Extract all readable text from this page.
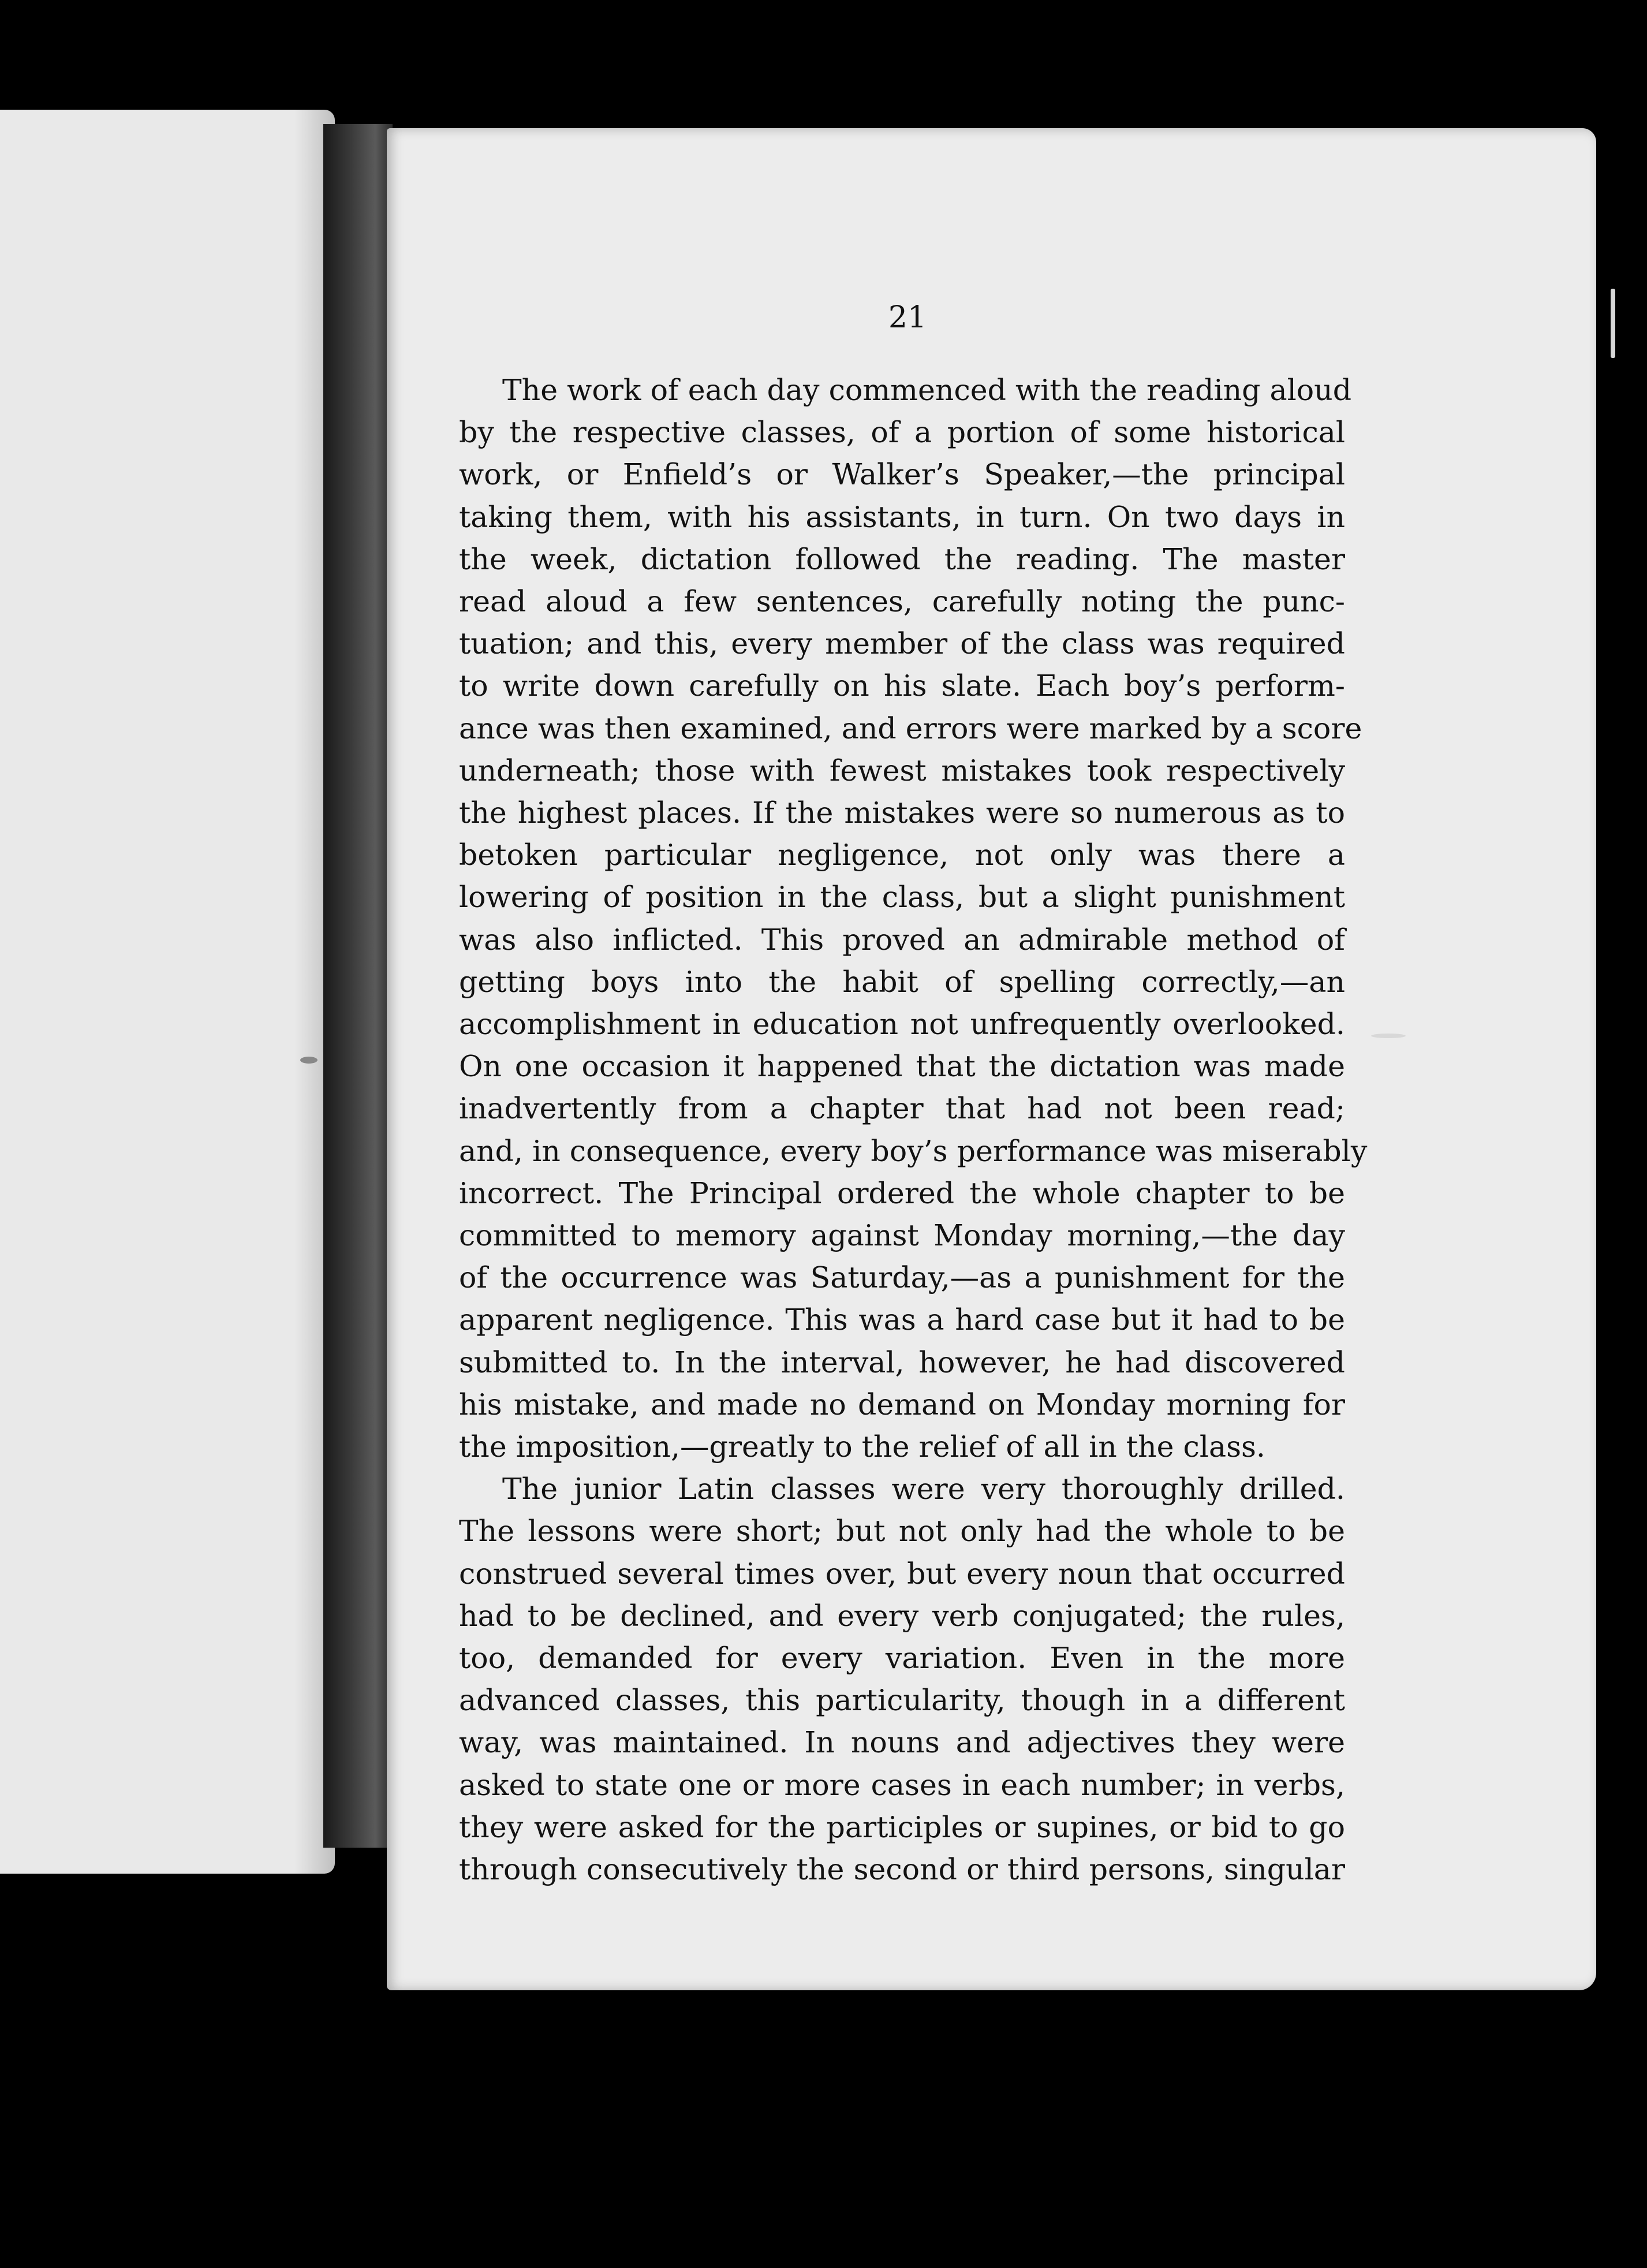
21
The work of each day commenced with the reading aloud
by the respective classes, of a portion of some historical
work, or Enfield’s or Walker’s Speaker,—the principal
taking them, with his assistants, in turn. On two days in
the week, dictation followed the reading. The master
read aloud a few sentences, carefully noting the punc-
tuation; and this, every member of the class was required
to write down carefully on his slate. Each boy’s perform-
ance was then examined, and errors were marked by a score
underneath; those with fewest mistakes took respectively
the highest places. If the mistakes were so numerous as to
betoken particular negligence, not only was there a
lowering of position in the class, but a slight punishment
was also inflicted. This proved an admirable method of
getting boys into the habit of spelling correctly,—an
accomplishment in education not unfrequently overlooked.
On one occasion it happened that the dictation was made
inadvertently from a chapter that had not been read;
and, in consequence, every boy’s performance was miserably
incorrect. The Principal ordered the whole chapter to be
committed to memory against Monday morning,—the day
of the occurrence was Saturday,—as a punishment for the
apparent negligence. This was a hard case but it had to be
submitted to. In the interval, however, he had discovered
his mistake, and made no demand on Monday morning for
the imposition,—greatly to the relief of all in the class.
The junior Latin classes were very thoroughly drilled.
The lessons were short; but not only had the whole to be
construed several times over, but every noun that occurred
had to be declined, and every verb conjugated; the rules,
too, demanded for every variation. Even in the more
advanced classes, this particularity, though in a different
way, was maintained. In nouns and adjectives they were
asked to state one or more cases in each number; in verbs,
they were asked for the participles or supines, or bid to go
through consecutively the second or third persons, singular
